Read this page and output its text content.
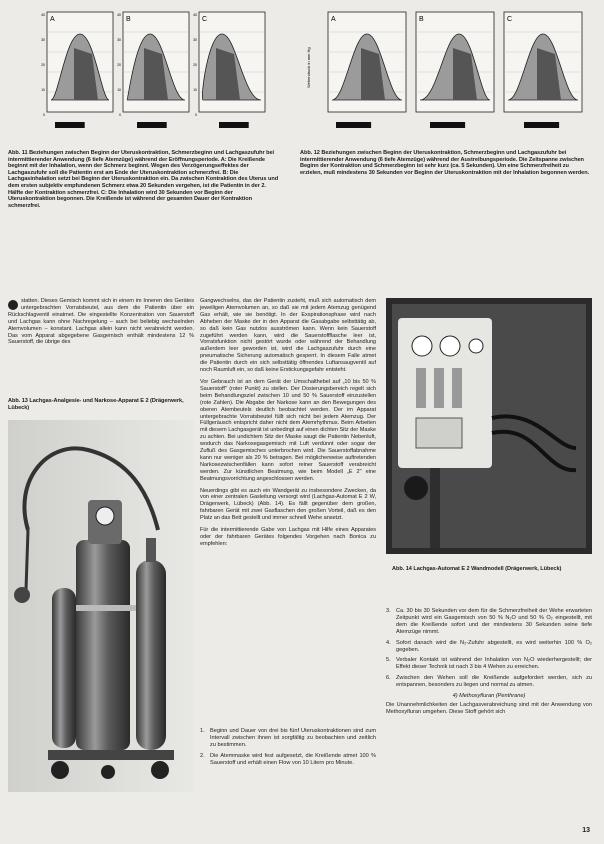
A
40
30
20
10
0
B
40
30
20
10
0
C
40
30
20
10
0
A	B	C
Wehendruck in mm Hg
Abb. 11 Beziehungen zwischen Beginn der Uteruskontraktion, Schmerzbeginn und Lachgaszufuhr bei intermittierender Anwendung (6 tiefe Atemzüge) während der Eröffnungsperiode. A: Die Kreißende beginnt mit der Inhalation, wenn der Schmerz beginnt. Wegen des Verzögerungseffektes der Lachgaszufuhr soll die Patientin erst am Ende der Uteruskontraktion schmerzfrei. B: Die Lachgasinhalation setzt bei Beginn der Uteruskontraktion ein. Da zwischen Kontraktion des Uterus und dem ersten subjektiv empfundenen Schmerz etwa 20 Sekunden vergehen, ist die Patientin in der 2. Hälfte der Kontraktion schmerzfrei. C: Die Inhalation wird 30 Sekunden vor Beginn der Uteruskontraktion begonnen. Die Kreißende ist während der gesamten Dauer der Kontraktion schmerzfrei.
Abb. 12 Beziehungen zwischen Beginn der Uteruskontraktion, Schmerzbeginn und Lachgaszufuhr bei intermittierender Anwendung (6 tiefe Atemzüge) während der Austreibungsperiode. Die Zeitspanne zwischen Beginn der Kontraktion und Schmerzbeginn ist sehr kurz (ca. 5 Sekunden). Um eine Schmerzfreiheit zu erzielen, muß mindestens 30 Sekunden vor Beginn der Uteruskontraktion mit der Inhalation begonnen werden.

statten. Dieses Gemisch kommt sich in einem im Inneren des Gerätes untergebrachten Vorratsbeutel, aus dem die Patientin über ein Rückschlagventil einatmet. Die eingestellte Konzentration von Sauerstoff und Lachgas kann ohne Nachregelung – auch bei beliebig wechselnden Atemvolumen – konstant. Lachgas allein kann nicht verabreicht werden. Das vom Apparat abgegebene Gasgemisch enthält mindestens 12 % Sauerstoff, die übrige des

Abb. 13 Lachgas-Analgesie- und Narkose-Apparat E 2 (Drägerwerk, Lübeck)

Gangwechselns, das der Patientin zusteht, muß sich automatisch dem jeweiligen Atemvolumen an, so daß sie mit jedem Atemzug genügend Gas erhält, wie sie benötigt. In der Exspirationsphase wird nach Abheben der Maske der in den Apparat die Gasabgabe selbsttätig ab, so daß kein Gas nutzlos ausströmen kann. Wenn kein Sauerstoff zugeführt werden kann, wird die Sauerstoffflasche leer ist, Vorratsfunktion nicht gestört wurde oder während der Behandlung außerdem leer geworden ist, wird die Lachgaszufuhr durch eine pneumatische Sicherung automatisch gesperrt. In diesem Falle atmet die Patientin durch ein sich selbsttätig öffnendes Luftansaugventil auf noch Raumluft ein, so daß keine Erstickungsgefahr entsteht.

Vor Gebrauch ist an dem Gerät der Umschalthebel auf „10 bis 50 % Sauerstoff" (roter Punkt) zu stellen. Der Dosierungsbereich regelt sich beim Behandlungsziel zwischen 10 und 50 % Sauerstoff einzustellen (rote Zahlen). Die Abgabe der Narkose kann an den Bewegungen des oberen Atembeutels deutlich beobachtet werden. Der im Apparat untergebrachte Vorratsbeutel füllt sich nicht bei jedem Atemzug. Der Füllgeräusch entspricht daher nicht dem Atemrhythmus. Beim Arbeiten mit diesem Lachgasgerät ist unbedingt auf einen dichten Sitz der Maske zu achten. Bei undichtem Sitz der Maske saugt die Patientin Nebenluft, wodurch das Narkosegasgemisch mit Luft verdünnt oder sogar der Zufluß des Gasgemisches unterbrochen wird. Die Sauerstoffabnahme kann nur weniger als 20 % betragen. Bei möglicherweise auftretenden Narkosezwischenfällen kann sofort reiner Sauerstoff verabreicht werden. Zur künstlichen Beatmung, wie beim Modell „E 2" eine Beatmungsvorrichtung angeschlossen werden.

Neuerdings gibt es auch ein Wandgerät zu insbesondere Zwecken, da von einer zentralen Gasleitung versorgt wird (Lachgas-Automat E 2 W, Drägerwerk, Lübeck) (Abb. 14). Es fällt gegenüber dem großen, fahrbaren Gerät mit zwei Gasflaschen den großen Vorteil, daß es den Platz an das Bett gestellt und immer schnell Wehe ansetzt.

Für die intermittierende Gabe von Lachgas mit Hilfe eines Apparates oder der fahrbaren Gerätes folgendes Vorgehen nach Bonica zu empfehlen:

1. Beginn und Dauer von drei bis fünf Uteruskontraktionen sind zum Intervall zwischen ihnen ist sorgfältig zu beobachten und zeitlich zu bestimmen.
2. Die Atemmaske wird fest aufgesetzt, die Kreißende atmet 100 % Sauerstoff und erhält einen Flow von 10 Litern pro Minute.
Abb. 14 Lachgas-Automat E 2 Wandmodell (Drägerwerk, Lübeck)
3. Ca. 30 bis 30 Sekunden vor dem für die Schmerzfreiheit der Wehe erwarteten Zeitpunkt wird ein Gasgemisch von 50 % N₂O und 50 % O₂ eingestellt, mit dem die Kreißende sofort und der mindestens 30 Sekunden seine tiefe Atemzüge nimmt.
4. Sofort danach wird die N₂-Zufuhr abgestellt, es wird weiterhin 100 % O₂ gegeben.
5. Verbaler Kontakt ist während der Inhalation von N₂O wiederhergestellt; der Effekt dieser Technik ist nach 3 bis 4 Wehen zu erreichen.
6. Zwischen den Wehen soll die Kreißende aufgefordert werden, sich zu entspannen, besonders zu liegen und normal zu atmen.
4) Methoxyfluran (Penthrane)
Die Unannehmlichkeiten der Lachgasverabreichung sind mit der Anwendung von Methoxyfluran umgehen. Diese Stoff gehört sich
13
